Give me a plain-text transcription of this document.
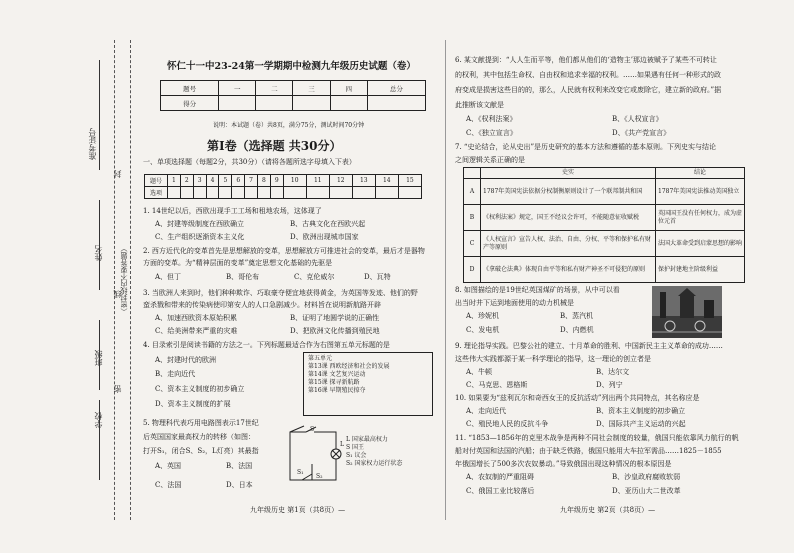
准考证号
封
姓名 （密封线内不要答题）
线
班级
密
学校
怀仁十一中23-24第一学期期中检测九年级历史试题（卷）
题号	一	二	三	四	总分
得分					
说明：本试题（卷）共8页，满分75分，测试时间70分钟
第Ⅰ卷（选择题 共30分）
一、单项选择题（每题2分，共30分）（请将各题所选字母填入下表）
题号	1	2	3	4	5	6	7	8	9	10	11	12	13	14	15
选项															
1. 14世纪以后，西欧出现手工工场和租地农场，这体现了
A、封建等级制度在西欧确立	B、古典文化在西欧兴起
C、生产组织逐渐资本主义化	D、欧洲出现城市国家
2. 西方近代化的变革首先是思想解放的变革，思想解放方可推进社会的变革，最后才是器物
方面的变革。为“精神层面的变革”奠定思想文化基础的先驱是
A、但丁	B、哥伦布	C、克伦威尔	D、瓦特
3. 当欧洲人来到时，他们种种欺诈、巧取豪夺便宜地获得黄金，为英国等发迹、他们的野
蛮杀戮和带来的传染病使印第安人的人口急剧减少。材料旨在说明新航路开辟
A、加速西欧资本原始积累	B、证明了地圆学说的正确性
C、给美洲带来严重的灾难	D、把欧洲文化传播到殖民地
4. 目录索引是阅读书籍的方法之一。下列标题最适合作为右图第五单元标题的是
A、封建时代的欧洲
B、走向近代
C、资本主义制度的初步确立
D、资本主义制度的扩展
第五单元
第13课 西欧经济和社会的发展
第14课 文艺复兴运动
第15课 探寻新航路
第16课 早期殖民掠夺
5. 物理科代表巧用电路图表示17世纪
后英国国家最高权力的转移（如图：
打开S₁，闭合S、S₂，L灯亮）其最指
A、英国	B、法国
C、法国	D、日本
S
S₁
S₂
L
L 国家最高权力
S 国王
S₁ 议会
S₂ 国家权力运行状态
九年级历史 第1页（共8页）—
6. 某文献提到：“人人生而平等，他们都从他们的‘造物主’那边被赋予了某些不可转让
的权利，其中包括生命权、自由权和追求幸福的权利。……如果遇有任何一种形式的政
府变成是损害这些目的的，那么，人民就有权利来改变它或废除它，建立新的政府。”据
此推断该文献是
A、《权利法案》	B、《人权宣言》
C、《独立宣言》	D、《共产党宣言》
7. “史论结合，论从史出”是历史研究的基本方法和遵循的基本原则。下列史实与结论
之间逻辑关系正确的是
	史实	结论
A	1787年美国宪法依据分权制衡原则设计了一个联邦制共和国	1787年美国宪法推动美国独立
B	《权利法案》规定，国王不经议会许可，不能随意征收赋税	英国国王没有任何权力，成为虚位元首
C	《人权宣言》宣告人权、法治、自由、分权、平等和保护私有财产等原则	法国大革命受到启蒙思想的影响
D	《拿破仑法典》体现自由平等和私有财产神圣不可侵犯的原则	保护封建地主阶级利益
8. 如图描绘的是19世纪英国煤矿的场景，从中可以看
出当时井下运到地面使用的动力机械是
A、珍妮机	B、蒸汽机
C、发电机	D、内燃机
9. 理论指导实践。巴黎公社的建立、十月革命的胜利、中国新民主主义革命的成功……
这些伟大实践都源于某一科学理论的指导，这一理论的创立者是
A、牛顿	B、达尔文
C、马克思、恩格斯	D、列宁
10. 如果要为“兹利瓦尔和奇西女王的反抗活动”列出两个共同特点，其名称应是
A、走向近代	B、资本主义制度的初步确立
C、殖民地人民的反抗斗争	D、国际共产主义运动的兴起
11. “1853—1856年的克里木战争是两种不同社会制度的较量，俄国只能依靠风力航行的帆
船对付英国和法国的汽船；由于缺乏铁路，俄国只能用大车拉军需品……1825－1855
年俄国增长了500多次农奴暴动。”导致俄国出现这种情况的根本原因是
A、农奴制的严重阻碍	B、沙皇政府腐败软弱
C、俄国工业比较落后	D、亚历山大二世改革
九年级历史 第2页（共8页）—
